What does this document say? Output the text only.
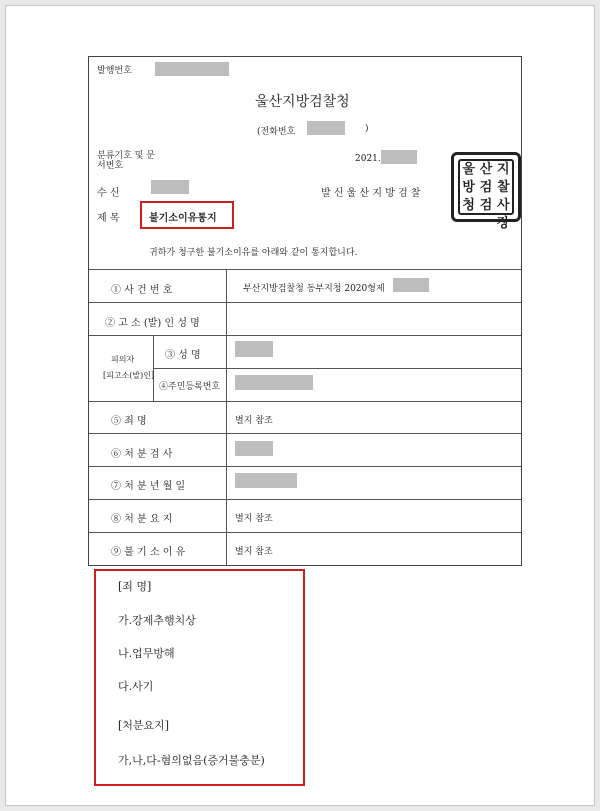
발행번호
울산지방검찰청
(전화번호	)
분류기호 및 문서번호
2021.
수 신	발 신 울 산 지 방 검 찰
제 목	불기소이유통지
귀하가 청구한 불기소이유를 아래와 같이 통지합니다.
① 사 건 번 호	부산지방검찰청 동부지청 2020형제
② 고 소 (발) 인 성 명
피의자
[피고소(발)인]
③ 성 명
④주민등록번호
⑤ 죄 명	별지 참조
⑥ 처 분 검 사
⑦ 처 분 년 월 일
⑧ 처 분 요 지	별지 참조
⑨ 불 기 소 이 유	별지 참조
울 산 지
방 검 찰
청 검 사장
[죄 명]
가.강제추행치상
나.업무방해
다.사기
[처분요지]
가,나,다-혐의없음(증거불충분)
